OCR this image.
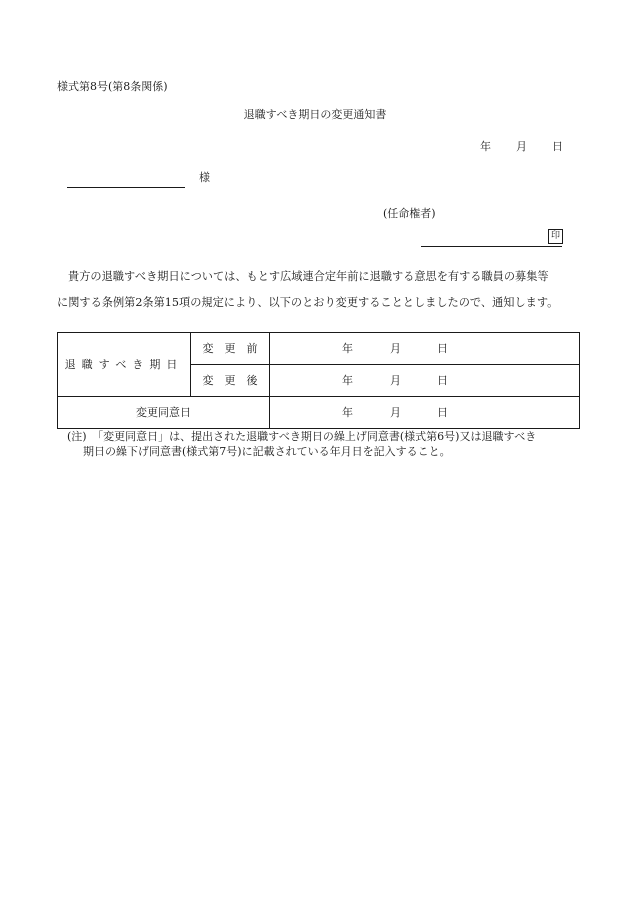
様式第8号(第8条関係)
退職すべき期日の変更通知書
年 月 日
様
(任命権者)
印
貴方の退職すべき期日については、もとす広域連合定年前に退職する意思を有する職員の募集等
に関する条例第2条第15項の規定により、以下のとおり変更することとしましたので、通知します。
退職すべき期日	変　更　前	年 月 日

	変　更　後	年 月 日

変更同意日		年 月 日
(注)　「変更同意日」は、提出された退職すべき期日の繰上げ同意書(様式第6号)又は退職すべき
期日の繰下げ同意書(様式第7号)に記載されている年月日を記入すること。
